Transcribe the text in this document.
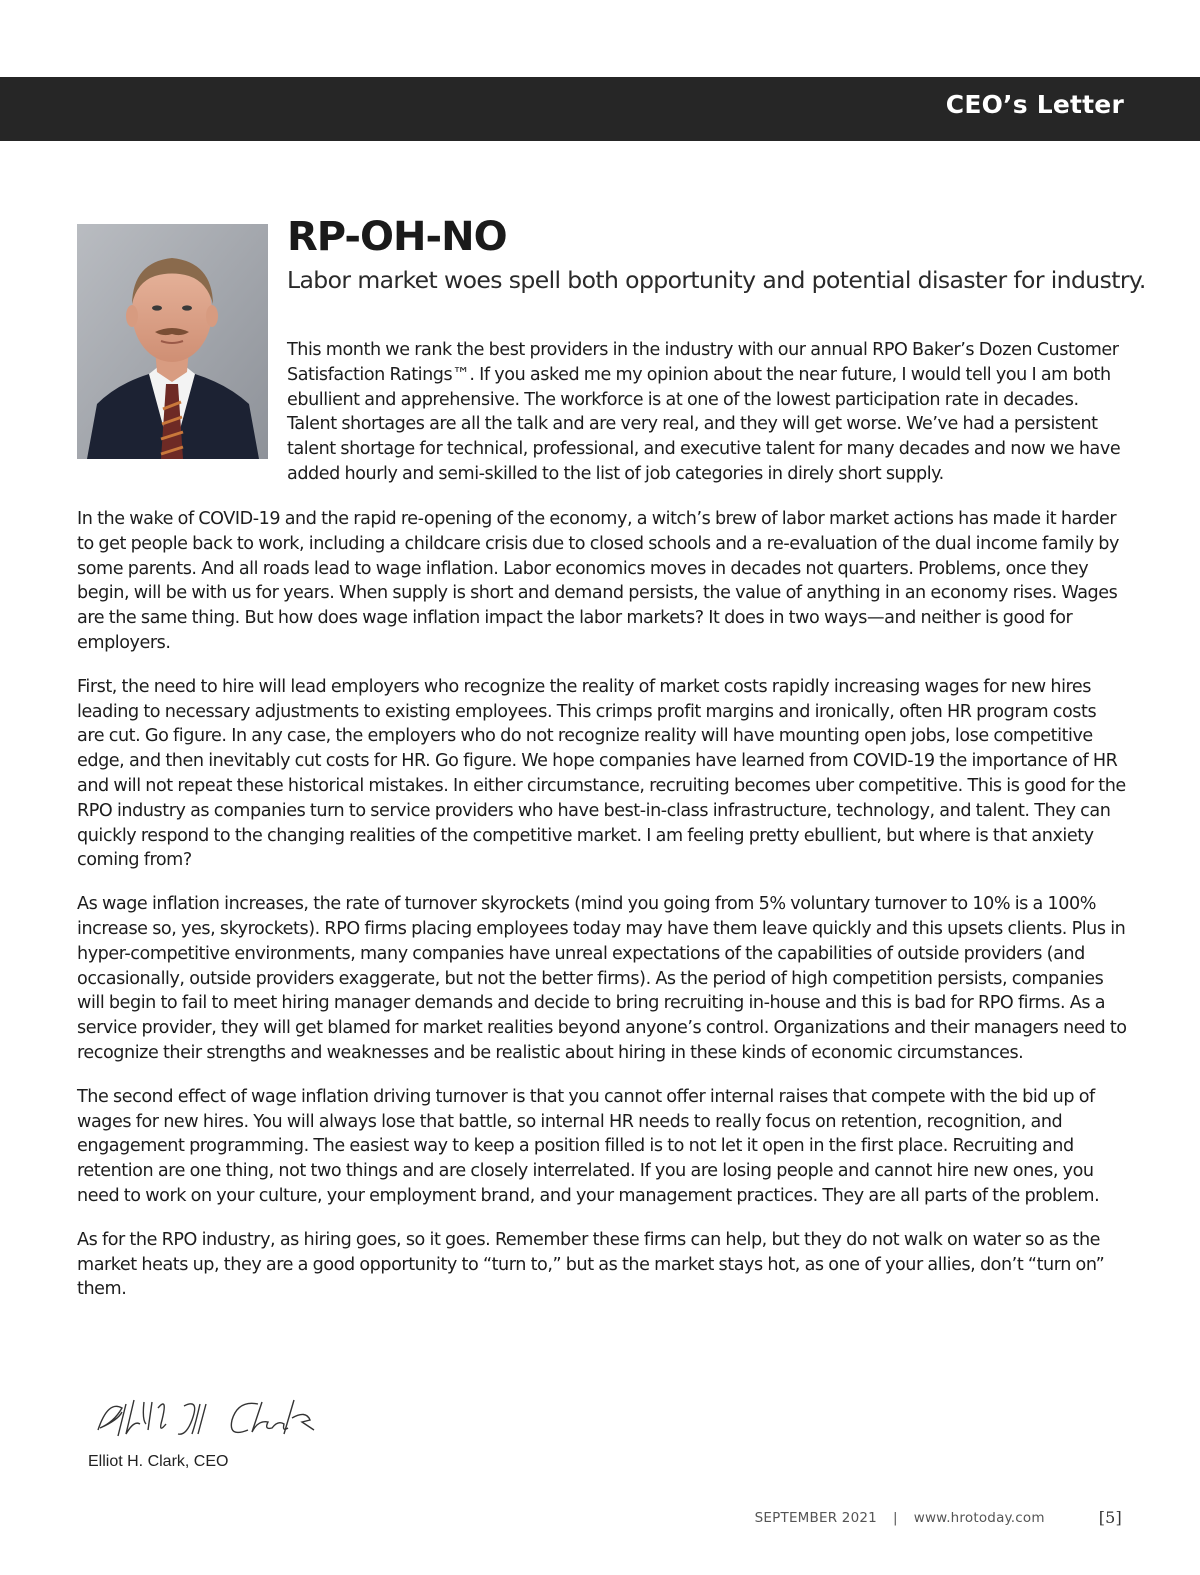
CEO’s Letter
RP-OH-NO

Labor market woes spell both opportunity and potential disaster for industry.

This month we rank the best providers in the industry with our annual RPO Baker’s Dozen Customer Satisfaction Ratings™. If you asked me my opinion about the near future, I would tell you I am both ebullient and apprehensive. The workforce is at one of the lowest participation rate in decades. Talent shortages are all the talk and are very real, and they will get worse. We’ve had a persistent talent shortage for technical, professional, and executive talent for many decades and now we have added hourly and semi-skilled to the list of job categories in direly short supply.

In the wake of COVID-19 and the rapid re-opening of the economy, a witch’s brew of labor market actions has made it harder to get people back to work, including a childcare crisis due to closed schools and a re-evaluation of the dual income family by some parents. And all roads lead to wage inflation. Labor economics moves in decades not quarters. Problems, once they begin, will be with us for years. When supply is short and demand persists, the value of anything in an economy rises. Wages are the same thing. But how does wage inflation impact the labor markets? It does in two ways—and neither is good for employers.

First, the need to hire will lead employers who recognize the reality of market costs rapidly increasing wages for new hires leading to necessary adjustments to existing employees. This crimps profit margins and ironically, often HR program costs are cut. Go figure. In any case, the employers who do not recognize reality will have mounting open jobs, lose competitive edge, and then inevitably cut costs for HR. Go figure. We hope companies have learned from COVID-19 the importance of HR and will not repeat these historical mistakes. In either circumstance, recruiting becomes uber competitive. This is good for the RPO industry as companies turn to service providers who have best-in-class infrastructure, technology, and talent. They can quickly respond to the changing realities of the competitive market. I am feeling pretty ebullient, but where is that anxiety coming from?

As wage inflation increases, the rate of turnover skyrockets (mind you going from 5% voluntary turnover to 10% is a 100% increase so, yes, skyrockets). RPO firms placing employees today may have them leave quickly and this upsets clients. Plus in hyper-competitive environments, many companies have unreal expectations of the capabilities of outside providers (and occasionally, outside providers exaggerate, but not the better firms). As the period of high competition persists, companies will begin to fail to meet hiring manager demands and decide to bring recruiting in-house and this is bad for RPO firms. As a service provider, they will get blamed for market realities beyond anyone’s control. Organizations and their managers need to recognize their strengths and weaknesses and be realistic about hiring in these kinds of economic circumstances.

The second effect of wage inflation driving turnover is that you cannot offer internal raises that compete with the bid up of wages for new hires. You will always lose that battle, so internal HR needs to really focus on retention, recognition, and engagement programming. The easiest way to keep a position filled is to not let it open in the first place. Recruiting and retention are one thing, not two things and are closely interrelated. If you are losing people and cannot hire new ones, you need to work on your culture, your employment brand, and your management practices. They are all parts of the problem.

As for the RPO industry, as hiring goes, so it goes. Remember these firms can help, but they do not walk on water so as the market heats up, they are a good opportunity to “turn to,” but as the market stays hot, as one of your allies, don’t “turn on” them.

Elliot H. Clark, CEO
SEPTEMBER 2021 | www.hrotoday.com	[5]
